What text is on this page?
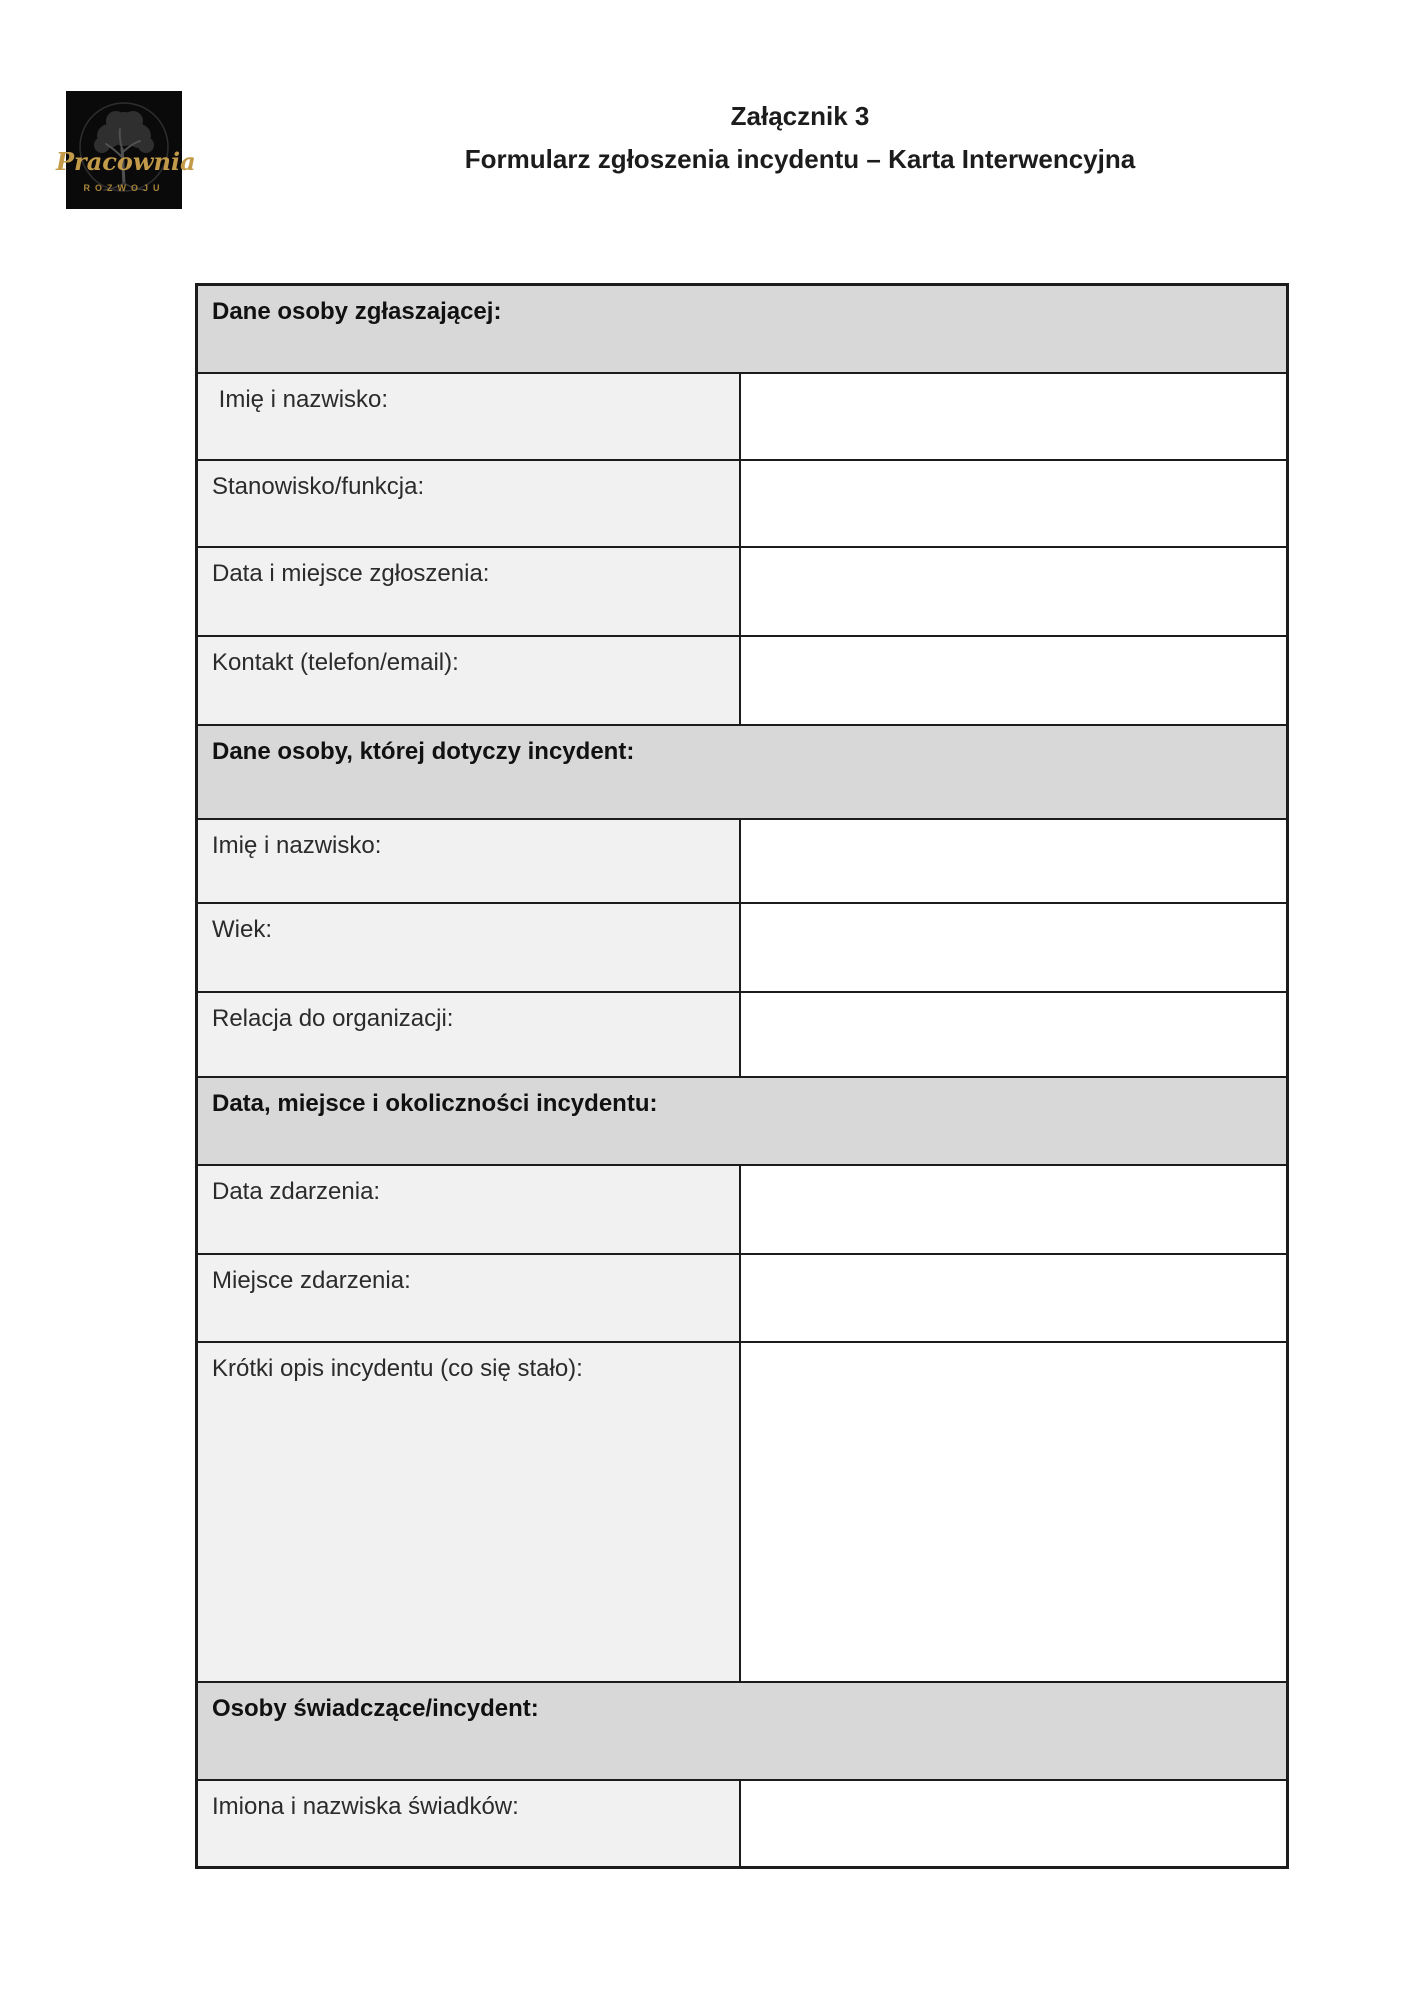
Pracownia
ROZWOJU
Załącznik 3
Formularz zgłoszenia incydentu – Karta Interwencyjna
Dane osoby zgłaszającej:	
Imię i nazwisko:	
Stanowisko/funkcja:	
Data i miejsce zgłoszenia:	
Kontakt (telefon/email):	
Dane osoby, której dotyczy incydent:	
Imię i nazwisko:	
Wiek:	
Relacja do organizacji:	
Data, miejsce i okoliczności incydentu:	
Data zdarzenia:	
Miejsce zdarzenia:	
Krótki opis incydentu (co się stało):	
Osoby świadczące/incydent:	
Imiona i nazwiska świadków:	
